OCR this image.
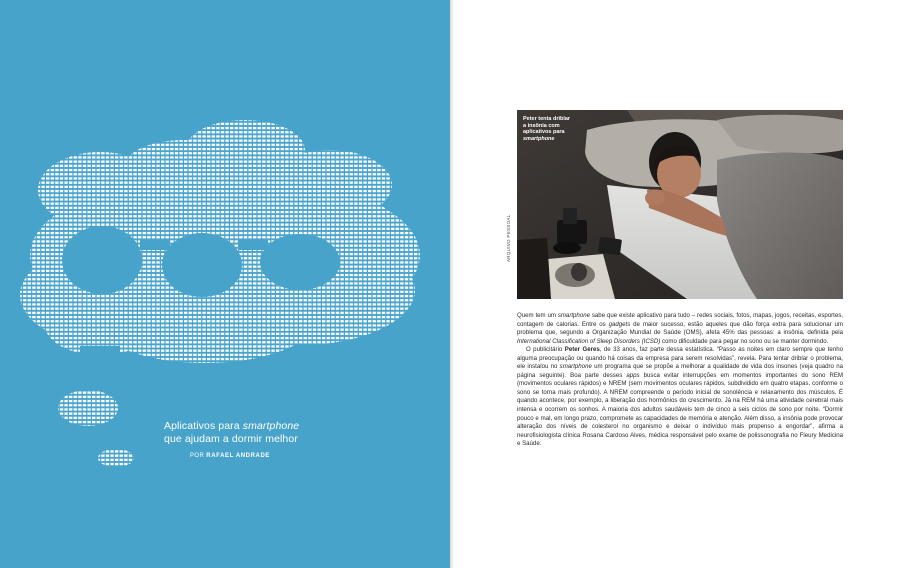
Aplicativos para smartphone
que ajudam a dormir melhor
POR RAFAEL ANDRADE
Peter tenta driblar
a insônia com
aplicativos para
smartphone
ARQUIVO PESSOAL

Quem tem um smartphone sabe que existe aplicativo para tudo – redes sociais, fotos, mapas, jogos, receitas, esportes, contagem de calorias. Entre os gadgets de maior sucesso, estão aqueles que dão força extra para solucionar um problema que, segundo a Organização Mundial de Saúde (OMS), afeta 45% das pessoas: a insônia, definida pela International Classification of Sleep Disorders (ICSD) como dificuldade para pegar no sono ou se manter dormindo.

O publicitário Peter Geres, de 33 anos, faz parte dessa estatística. “Passo as noites em claro sempre que tenho alguma preocupação ou quando há coisas da empresa para serem resolvidas”, revela. Para tentar driblar o problema, ele instalou no smartphone um programa que se propõe a melhorar a qualidade de vida dos insones (veja quadro na página seguinte). Boa parte desses apps busca evitar interrupções em momentos importantes do sono REM (movimentos oculares rápidos) e NREM (sem movimentos oculares rápidos, subdividido em quatro etapas, conforme o sono se torna mais profundo). A NREM compreende o período inicial de sonolência e relaxamento dos músculos. É quando acontece, por exemplo, a liberação dos hormônios do crescimento. Já na REM há uma atividade cerebral mais intensa e ocorrem os sonhos. A maioria dos adultos saudáveis tem de cinco a seis ciclos de sono por noite. “Dormir pouco e mal, em longo prazo, compromete as capacidades de memória e atenção. Além disso, a insônia pode provocar alteração dos níveis de colesterol no organismo e deixar o indivíduo mais propenso a engordar”, afirma a neurofisiologista clínica Rosana Cardoso Alves, médica responsável pelo exame de polissonografia no Fleury Medicina e Saúde.
